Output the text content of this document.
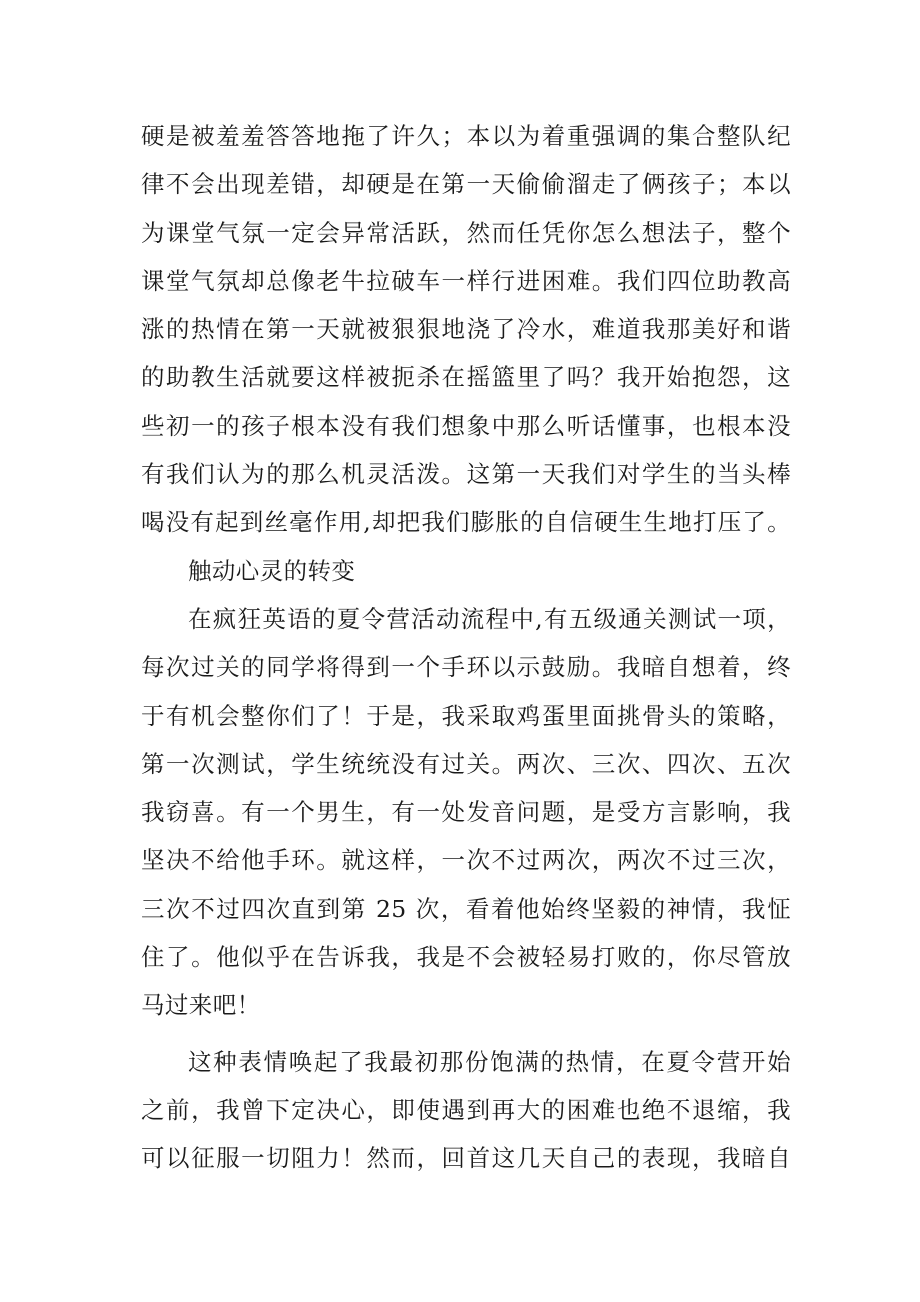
硬是被羞羞答答地拖了许久；本以为着重强调的集合整队纪
律不会出现差错，却硬是在第一天偷偷溜走了俩孩子；本以
为课堂气氛一定会异常活跃，然而任凭你怎么想法子，整个
课堂气氛却总像老牛拉破车一样行进困难。我们四位助教高
涨的热情在第一天就被狠狠地浇了冷水，难道我那美好和谐
的助教生活就要这样被扼杀在摇篮里了吗？我开始抱怨，这
些初一的孩子根本没有我们想象中那么听话懂事，也根本没
有我们认为的那么机灵活泼。这第一天我们对学生的当头棒
喝没有起到丝毫作用,却把我们膨胀的自信硬生生地打压了。
触动心灵的转变
在疯狂英语的夏令营活动流程中,有五级通关测试一项，
每次过关的同学将得到一个手环以示鼓励。我暗自想着，终
于有机会整你们了！于是，我采取鸡蛋里面挑骨头的策略，
第一次测试，学生统统没有过关。两次、三次、四次、五次
我窃喜。有一个男生，有一处发音问题，是受方言影响，我
坚决不给他手环。就这样，一次不过两次，两次不过三次，
三次不过四次直到第 25 次，看着他始终坚毅的神情，我怔
住了。他似乎在告诉我，我是不会被轻易打败的，你尽管放
马过来吧！
这种表情唤起了我最初那份饱满的热情，在夏令营开始
之前，我曾下定决心，即使遇到再大的困难也绝不退缩，我
可以征服一切阻力！然而，回首这几天自己的表现，我暗自
